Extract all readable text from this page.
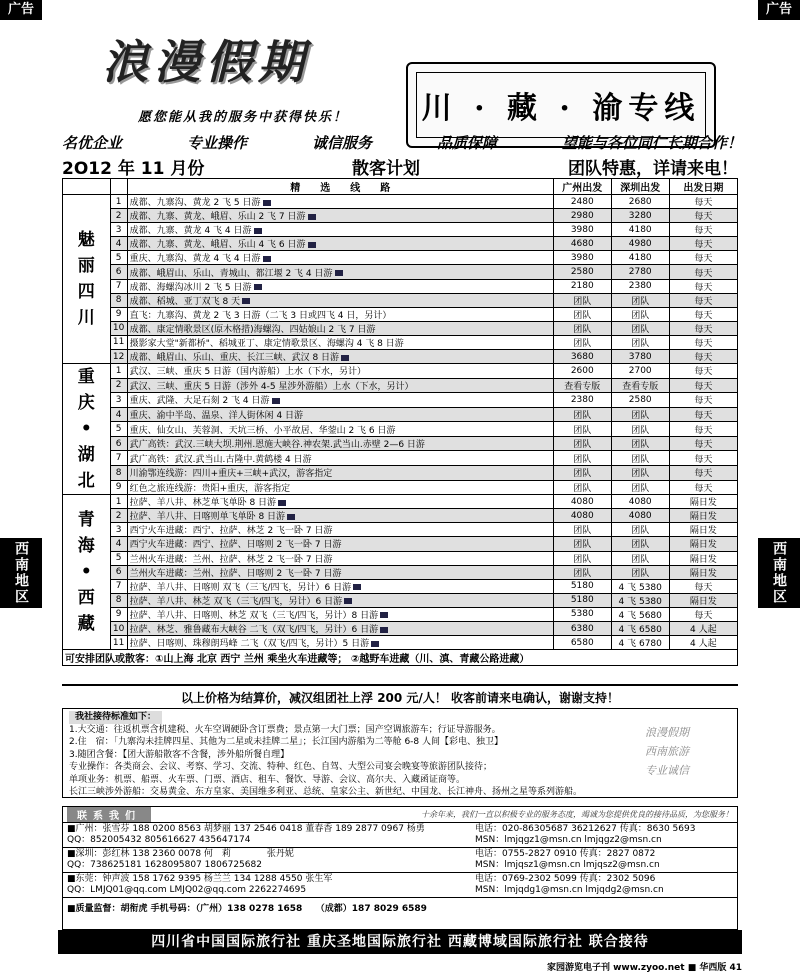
广告	广告
西南地区	西南地区
浪漫假期
愿您能从我的服务中获得快乐！ 川 · 藏 · 渝专线
名优企业	专业操作	诚信服务	品质保障	望能与各位同仁长期合作！
2O12 年 11 月份	散客计划	团队特惠，详请来电！
		精　　选　　线　　路	广州出发	深圳出发	出发日期

魅
丽
四
川	1	成都、九寨沟、黄龙 2 飞 5 日游	2480	2680	每天
	2	成都、九寨、黄龙、峨眉、乐山 2 飞 7 日游	2980	3280	每天
	3	成都、九寨、黄龙 4 飞 4 日游	3980	4180	每天
	4	成都、九寨、黄龙、峨眉、乐山 4 飞 6 日游	4680	4980	每天
	5	重庆、九寨沟、黄龙 4 飞 4 日游	3980	4180	每天
	6	成都、峨眉山、乐山、青城山、都江堰 2 飞 4 日游	2580	2780	每天
	7	成都、海螺沟冰川 2 飞 5 日游	2180	2380	每天
	8	成都、稻城、亚丁双飞 8 天	团队	团队	每天
	9	直飞：九寨沟、黄龙 2 飞 3 日游（二飞 3 日或四飞 4 日，另计）	团队	团队	每天
	10	成都、康定情歌景区(原木格措)海螺沟、四姑娘山 2 飞 7 日游	团队	团队	每天
	11	摄影家大堂"新都桥"、稻城亚丁、康定情歌景区、海螺沟 4 飞 8 日游	团队	团队	每天
	12	成都、峨眉山、乐山、重庆、长江三峡、武汉 8 日游	3680	3780	每天

重
庆
•
湖
北	1	武汉、三峡、重庆 5 日游（国内游船）上水（下水，另计）	2600	2700	每天
	2	武汉、三峡、重庆 5 日游（涉外 4-5 星涉外游船）上水（下水，另计）	查看专版	查看专版	每天
	3	重庆、武隆、大足石刻 2 飞 4 日游	2380	2580	每天
	4	重庆、渝中半岛、温泉、洋人街休闲 4 日游	团队	团队	每天
	5	重庆、仙女山、芙蓉洞、天坑三桥、小平故居、华蓥山 2 飞 6 日游	团队	团队	每天
	6	武广高铁：武汉.三峡大坝.荆州.恩施大峡谷.神农架.武当山.赤壁 2—6 日游	团队	团队	每天
	7	武广高铁：武汉.武当山.古隆中.黄鹤楼 4 日游	团队	团队	每天
	8	川渝鄂连线游：四川+重庆+三峡+武汉，游客指定	团队	团队	每天
	9	红色之旅连线游：贵阳+重庆，游客指定	团队	团队	每天

青
海
•
西
藏	1	拉萨、羊八井、林芝单飞单卧 8 日游	4080	4080	隔日发
	2	拉萨、羊八井、日喀则单飞单卧 8 日游	4080	4080	隔日发
	3	西宁火车进藏：西宁、拉萨、林芝 2 飞一卧 7 日游	团队	团队	隔日发
	4	西宁火车进藏：西宁、拉萨、日喀则 2 飞一卧 7 日游	团队	团队	隔日发
	5	兰州火车进藏：兰州、拉萨、林芝 2 飞一卧 7 日游	团队	团队	隔日发
	6	兰州火车进藏：兰州、拉萨、日喀则 2 飞一卧 7 日游	团队	团队	隔日发
	7	拉萨、羊八井、日喀则 双飞（三飞/四飞，另计）6 日游	5180	4 飞 5380	每天
	8	拉萨、羊八井、林芝 双飞（三飞/四飞，另计）6 日游	5180	4 飞 5380	隔日发
	9	拉萨、羊八井、日喀则、林芝 双飞（三飞/四飞，另计）8 日游	5380	4 飞 5680	每天
	10	拉萨、林芝、雅鲁藏布大峡谷 二飞（双飞/四飞，另计）6 日游	6380	4 飞 6580	4 人起
	11	拉萨、日喀则、珠穆朗玛峰 二飞（双飞/四飞，另计）5 日游	6580	4 飞 6780	4 人起
可安排团队或散客：①山上海 北京 西宁 兰州 乘坐火车进藏等； ②越野车进藏（川、滇、青藏公路进藏）					
以上价格为结算价，减汉组团社上浮 200 元/人！ 收客前请来电确认，谢谢支持！
我社接待标准如下：
1.大交通：往返机票含机建税、火车空调硬卧含订票费；景点第一大门票；国产空调旅游车；行证导游服务。
2.住　宿：「九寨沟未挂牌四星、其他为二星或未挂牌二星」；长江国内游船为二等舱 6-8 人间【彩电、独卫】
3.随团含餐：【团大游船散客不含餐，涉外船所餐自理】
专业操作：各类商会、会议、考察、学习、交流、特种、红色、自驾、大型公司宴会晚宴等旅游团队接待；
单项业务：机票、船票、火车票、门票、酒店、租车、餐饮、导游、会议、高尔夫、入藏函证商等。
长江三峡涉外游船：交易黄金、东方皇家、美国维多利亚、总统、皇家公主、新世纪、中国龙、长江神舟、扬州之星等系列游船。
浪漫假期
西南旅游
专业诚信
联系我们	十余年来，我们一直以积极专业的服务态度，竭诚为您提供优良的接待品质，为您服务！
■广州：张雪芬 188 0200 8563 胡梦丽 137 2546 0418 董春香 189 2877 0967 杨勇
QQ：852005432 805616627 435647174
电话：020-86305687 36212627 传真：8630 5693
MSN：lmjqgz1@msn.cn lmjqgz2@msn.cn
■深圳：彭红林 138 2360 0078 何　莉　　　　张丹妮
QQ：738625181 1628095807 1806725682
电话：0755-2827 0910 传真：2827 0872
MSN：lmjqsz1@msn.cn lmjqsz2@msn.cn
■东莞：钟声波 158 1762 9395 杨兰兰 134 1288 4550 张生军
QQ：LMJQ01@qq.com LMJQ02@qq.com 2262274695
电话：0769-2302 5099 传真：2302 5096
MSN：lmjqdg1@msn.cn lmjqdg2@msn.cn
■质量监督：胡衔虎 手机号码：（广州）138 0278 1658　　（成都）187 8029 6589
四川省中国国际旅行社 重庆圣地国际旅行社 西藏博域国际旅行社 联合接待
家园游览电子刊 www.zyoo.net ■ 华西版 41
